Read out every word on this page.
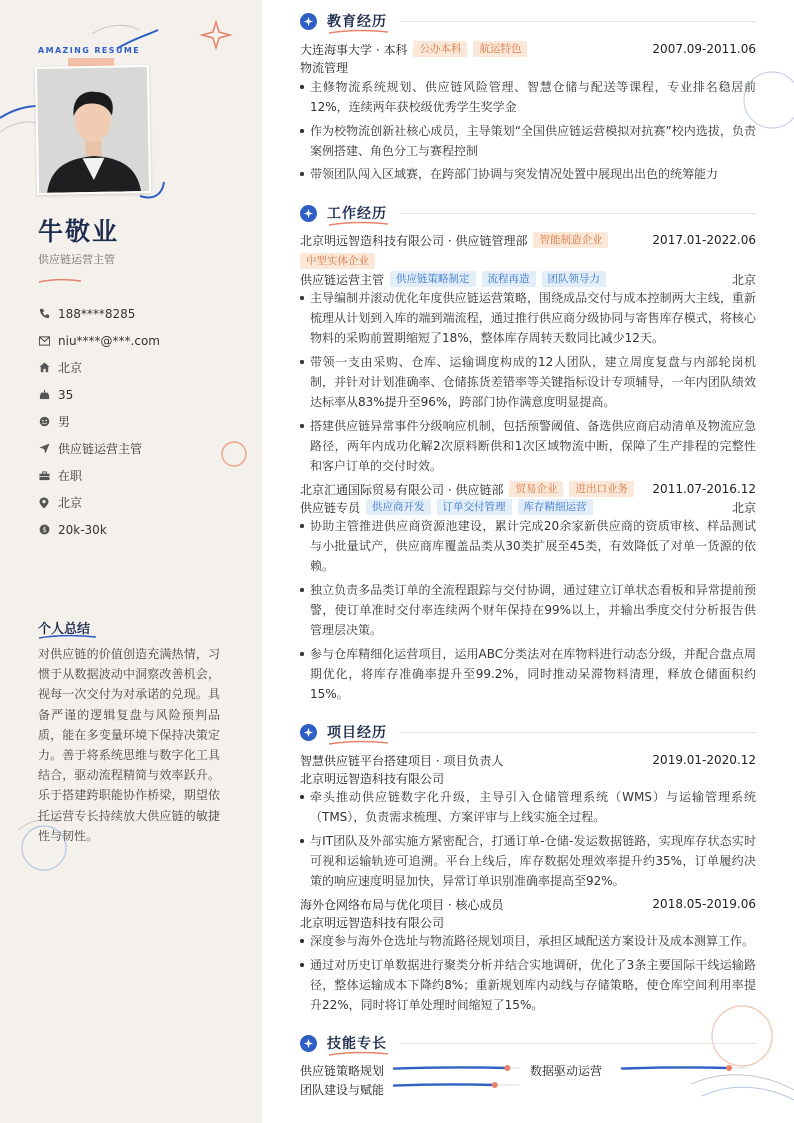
AMAZING RESUME
牛敬业
供应链运营主管
188****8285
niu****@***.com
北京
35
男
供应链运营主管
在职
北京
$ 20k-30k
个人总结
对供应链的价值创造充满热情，习惯于从数据波动中洞察改善机会，视每一次交付为对承诺的兑现。具备严谨的逻辑复盘与风险预判品质，能在多变量环境下保持决策定力。善于将系统思维与数字化工具结合，驱动流程精简与效率跃升。乐于搭建跨职能协作桥梁，期望依托运营专长持续放大供应链的敏捷性与韧性。
教育经历
大连海事大学 · 本科	公办本科	航运特色	2007.09-2011.06
物流管理
主修物流系统规划、供应链风险管理、智慧仓储与配送等课程，专业排名稳居前12%，连续两年获校级优秀学生奖学金
作为校物流创新社核心成员，主导策划“全国供应链运营模拟对抗赛”校内选拔，负责案例搭建、角色分工与赛程控制
带领团队闯入区域赛，在跨部门协调与突发情况处置中展现出出色的统筹能力
工作经历
北京明远智造科技有限公司 · 供应链管理部	智能制造企业	2017.01-2022.06
中型实体企业
供应链运营主管	供应链策略制定	流程再造	团队领导力	北京
主导编制并滚动优化年度供应链运营策略，围绕成品交付与成本控制两大主线，重新梳理从计划到入库的端到端流程，通过推行供应商分级协同与寄售库存模式，将核心物料的采购前置期缩短了18%，整体库存周转天数同比减少12天。
带领一支由采购、仓库、运输调度构成的12人团队，建立周度复盘与内部轮岗机制，并针对计划准确率、仓储拣货差错率等关键指标设计专项辅导，一年内团队绩效达标率从83%提升至96%，跨部门协作满意度明显提高。
搭建供应链异常事件分级响应机制，包括预警阈值、备选供应商启动清单及物流应急路径，两年内成功化解2次原料断供和1次区域物流中断，保障了生产排程的完整性和客户订单的交付时效。
北京汇通国际贸易有限公司 · 供应链部	贸易企业	进出口业务	2011.07-2016.12
供应链专员	供应商开发	订单交付管理	库存精细运营	北京
协助主管推进供应商资源池建设，累计完成20余家新供应商的资质审核、样品测试与小批量试产，供应商库覆盖品类从30类扩展至45类，有效降低了对单一货源的依赖。
独立负责多品类订单的全流程跟踪与交付协调，通过建立订单状态看板和异常提前预警，使订单准时交付率连续两个财年保持在99%以上，并输出季度交付分析报告供管理层决策。
参与仓库精细化运营项目，运用ABC分类法对在库物料进行动态分级，并配合盘点周期优化，将库存准确率提升至99.2%，同时推动呆滞物料清理，释放仓储面积约15%。
项目经历
智慧供应链平台搭建项目 · 项目负责人	2019.01-2020.12
北京明远智造科技有限公司
牵头推动供应链数字化升级，主导引入仓储管理系统（WMS）与运输管理系统（TMS），负责需求梳理、方案评审与上线实施全过程。
与IT团队及外部实施方紧密配合，打通订单-仓储-发运数据链路，实现库存状态实时可视和运输轨迹可追溯。平台上线后，库存数据处理效率提升约35%，订单履约决策的响应速度明显加快，异常订单识别准确率提高至92%。
海外仓网络布局与优化项目 · 核心成员	2018.05-2019.06
北京明远智造科技有限公司
深度参与海外仓选址与物流路径规划项目，承担区域配送方案设计及成本测算工作。
通过对历史订单数据进行聚类分析并结合实地调研，优化了3条主要国际干线运输路径，整体运输成本下降约8%；重新规划库内动线与存储策略，使仓库空间利用率提升22%，同时将订单处理时间缩短了15%。
技能专长
供应链策略规划	数据驱动运营
团队建设与赋能
